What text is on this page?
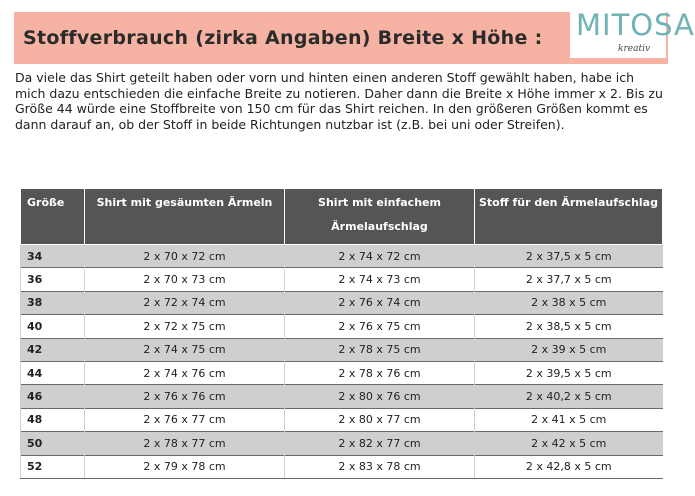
Stoffverbrauch (zirka Angaben) Breite x Höhe : MITOSA
kreativ
Da viele das Shirt geteilt haben oder vorn und hinten einen anderen Stoff gewählt haben, habe ich mich dazu entschieden die einfache Breite zu notieren. Daher dann die Breite x Höhe immer x 2. Bis zu Größe 44 würde eine Stoffbreite von 150 cm für das Shirt reichen. In den größeren Größen kommt es dann darauf an, ob der Stoff in beide Richtungen nutzbar ist (z.B. bei uni oder Streifen).
Größe	Shirt mit gesäumten Ärmeln	Shirt mit einfachem Ärmelaufschlag	Stoff für den Ärmelaufschlag
34	2 x 70 x 72 cm	2 x 74 x 72 cm	2 x 37,5 x 5 cm
36	2 x 70 x 73 cm	2 x 74 x 73 cm	2 x 37,7 x 5 cm
38	2 x 72 x 74 cm	2 x 76 x 74 cm	2 x 38 x 5 cm
40	2 x 72 x 75 cm	2 x 76 x 75 cm	2 x 38,5 x 5 cm
42	2 x 74 x 75 cm	2 x 78 x 75 cm	2 x 39 x 5 cm
44	2 x 74 x 76 cm	2 x 78 x 76 cm	2 x 39,5 x 5 cm
46	2 x 76 x 76 cm	2 x 80 x 76 cm	2 x 40,2 x 5 cm
48	2 x 76 x 77 cm	2 x 80 x 77 cm	2 x 41 x 5 cm
50	2 x 78 x 77 cm	2 x 82 x 77 cm	2 x 42 x 5 cm
52	2 x 79 x 78 cm	2 x 83 x 78 cm	2 x 42,8 x 5 cm
